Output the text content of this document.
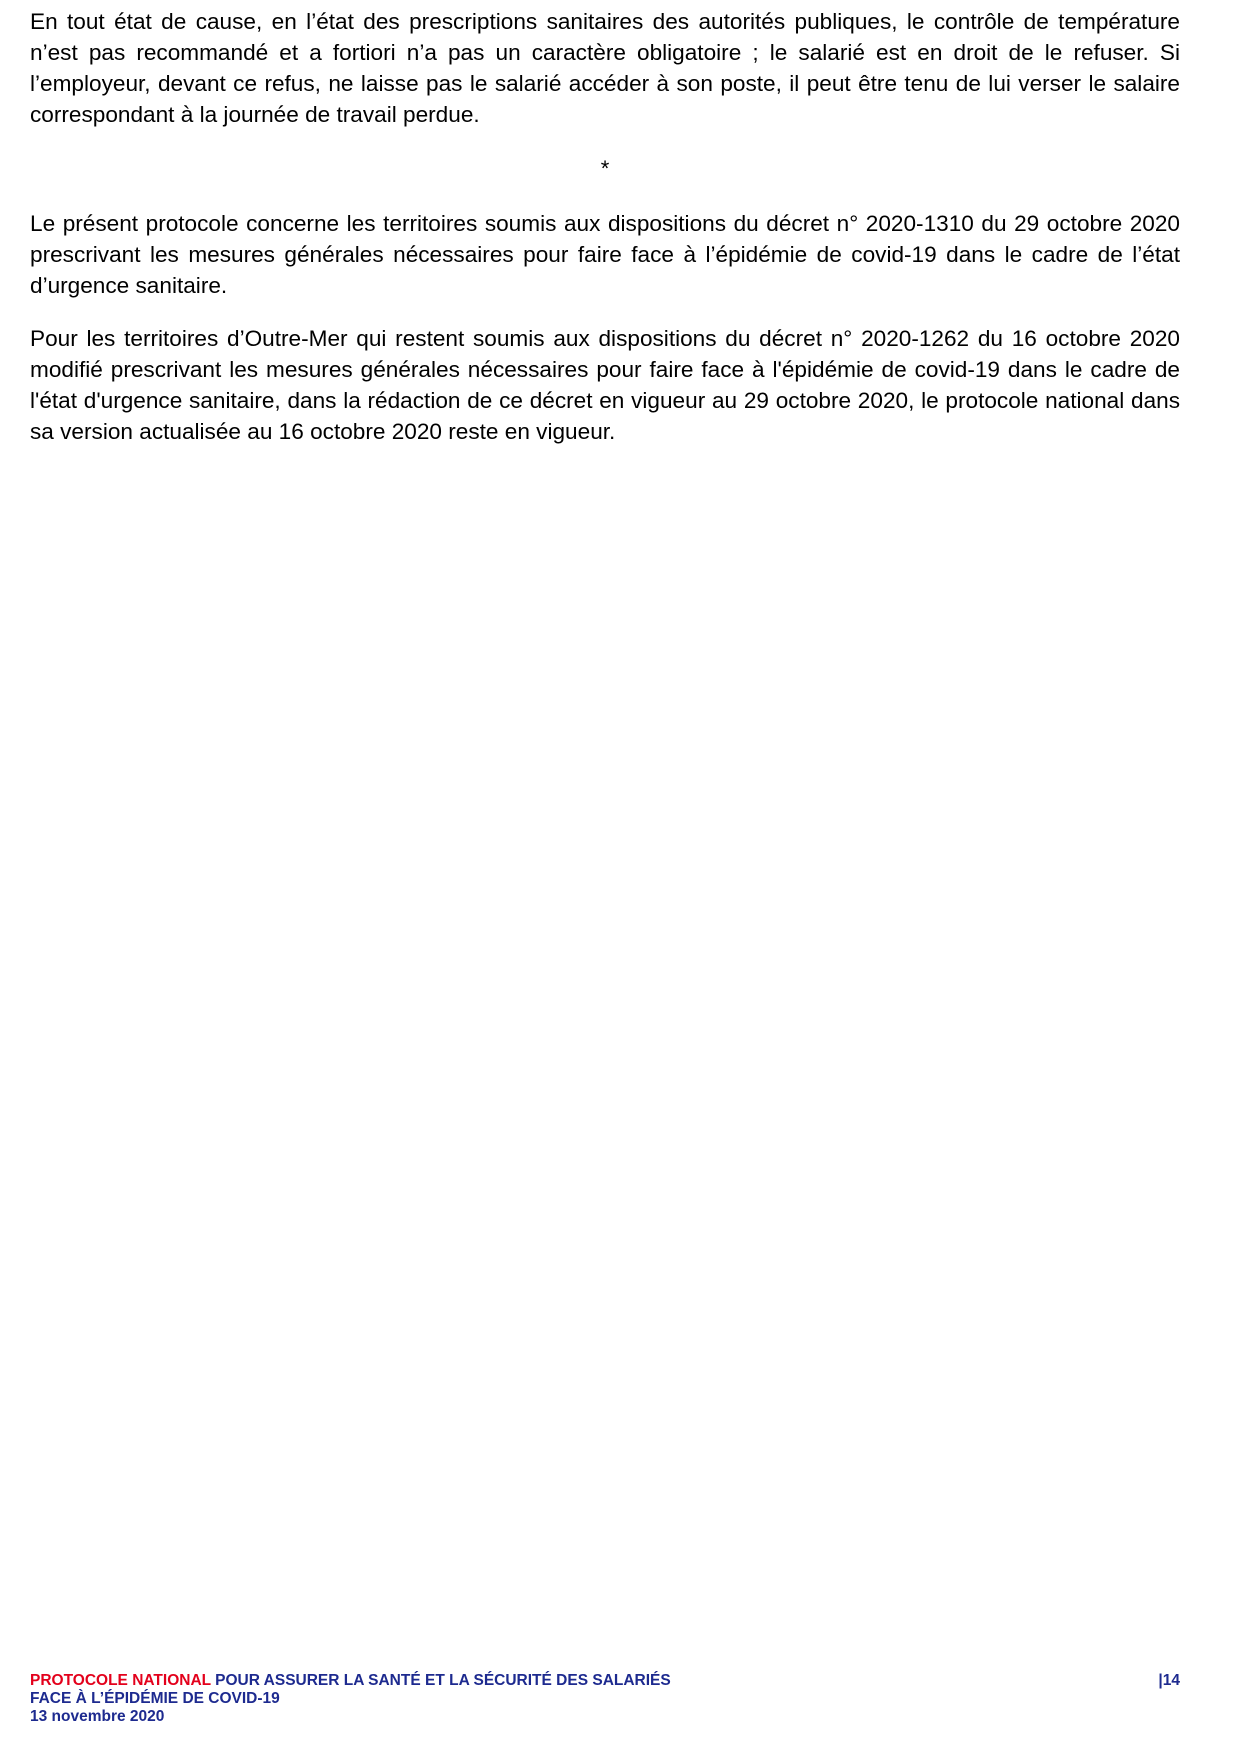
En tout état de cause, en l’état des prescriptions sanitaires des autorités publiques, le contrôle de température n’est pas recommandé et a fortiori n’a pas un caractère obligatoire ; le salarié est en droit de le refuser. Si l’employeur, devant ce refus, ne laisse pas le salarié accéder à son poste, il peut être tenu de lui verser le salaire correspondant à la journée de travail perdue.

*

Le présent protocole concerne les territoires soumis aux dispositions du décret n° 2020-1310 du 29 octobre 2020 prescrivant les mesures générales nécessaires pour faire face à l’épidémie de covid-19 dans le cadre de l’état d’urgence sanitaire.

Pour les territoires d’Outre-Mer qui restent soumis aux dispositions du décret n° 2020-1262 du 16 octobre 2020 modifié prescrivant les mesures générales nécessaires pour faire face à l'épidémie de covid-19 dans le cadre de l'état d'urgence sanitaire, dans la rédaction de ce décret en vigueur au 29 octobre 2020, le protocole national dans sa version actualisée au 16 octobre 2020 reste en vigueur.

PROTOCOLE NATIONAL POUR ASSURER LA SANTÉ ET LA SÉCURITÉ DES SALARIÉS
FACE À L’ÉPIDÉMIE DE COVID-19
13 novembre 2020
|14
